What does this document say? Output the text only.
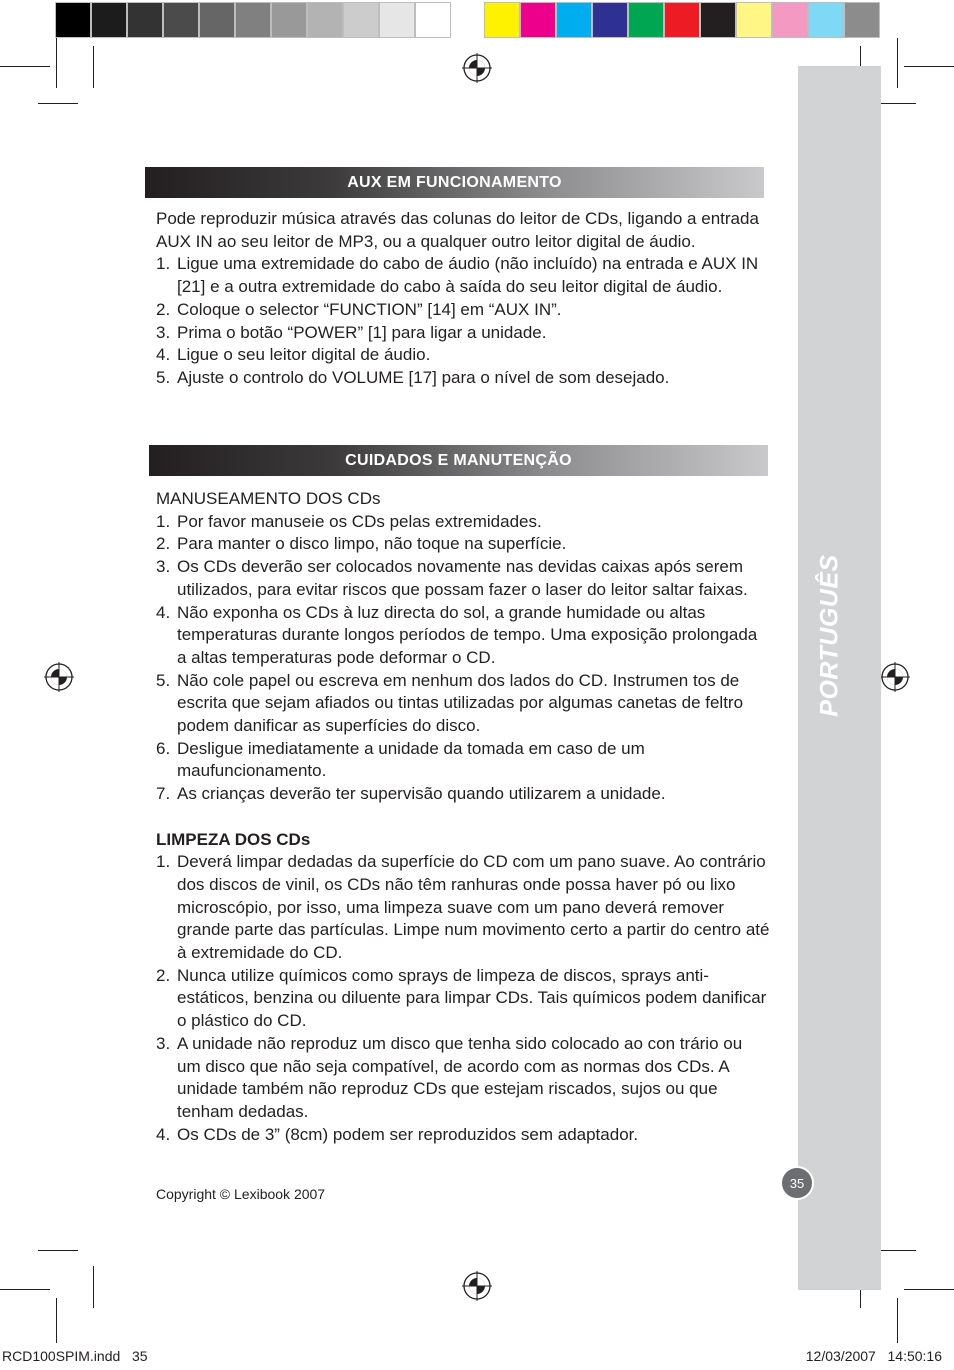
PORTUGUÊS
35
AUX EM FUNCIONAMENTO

Pode reproduzir música através das colunas do leitor de CDs, ligando a entrada AUX IN ao seu leitor de MP3, ou a qualquer outro leitor digital de áudio.

1. Ligue uma extremidade do cabo de áudio (não incluído) na entrada e AUX IN [21] e a outra extremidade do cabo à saída do seu leitor digital de áudio.

2. Coloque o selector “FUNCTION” [14] em “AUX IN”.

3. Prima o botão “POWER” [1] para ligar a unidade.

4. Ligue o seu leitor digital de áudio.

5. Ajuste o controlo do VOLUME [17] para o nível de som desejado.

CUIDADOS E MANUTENÇÃO

MANUSEAMENTO DOS CDs

1. Por favor manuseie os CDs pelas extremidades.

2. Para manter o disco limpo, não toque na superfície.

3. Os CDs deverão ser colocados novamente nas devidas caixas após serem utilizados, para evitar riscos que possam fazer o laser do leitor saltar faixas.

4. Não exponha os CDs à luz directa do sol, a grande humidade ou altas temperaturas durante longos períodos de tempo. Uma exposição prolongada a altas temperaturas pode deformar o CD.

5. Não cole papel ou escreva em nenhum dos lados do CD. Instrumen tos de escrita que sejam afiados ou tintas utilizadas por algumas canetas de feltro podem danificar as superfícies do disco.

6. Desligue imediatamente a unidade da tomada em caso de um maufuncionamento.

7. As crianças deverão ter supervisão quando utilizarem a unidade.

LIMPEZA DOS CDs

1. Deverá limpar dedadas da superfície do CD com um pano suave. Ao contrário dos discos de vinil, os CDs não têm ranhuras onde possa haver pó ou lixo microscópio, por isso, uma limpeza suave com um pano deverá remover grande parte das partículas. Limpe num movimento certo a partir do centro até à extremidade do CD.

2. Nunca utilize químicos como sprays de limpeza de discos, sprays anti-estáticos, benzina ou diluente para limpar CDs. Tais químicos podem danificar o plástico do CD.

3. A unidade não reproduz um disco que tenha sido colocado ao con trário ou um disco que não seja compatível, de acordo com as normas dos CDs. A unidade também não reproduz CDs que estejam riscados, sujos ou que tenham dedadas.

4. Os CDs de 3” (8cm) podem ser reproduzidos sem adaptador.

Copyright © Lexibook 2007
RCD100SPIM.indd   35	12/03/2007   14:50:16
